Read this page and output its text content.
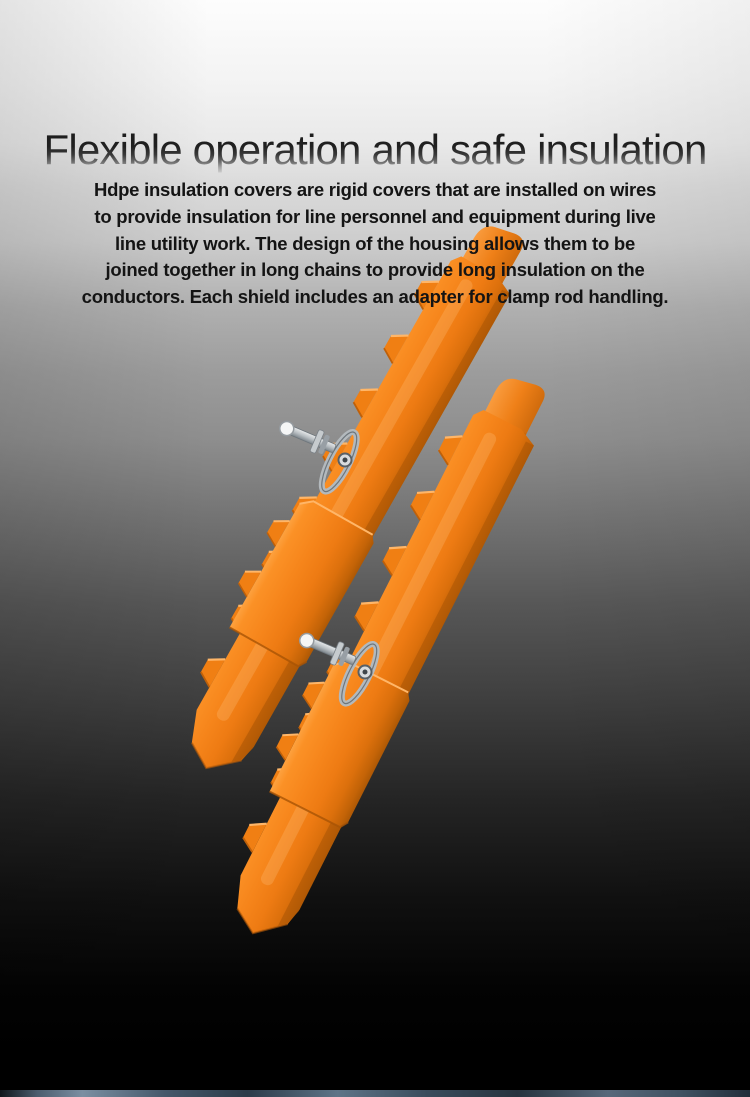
Flexible operation and safe insulation
Hdpe insulation covers are rigid covers that are installed on wires
to provide insulation for line personnel and equipment during live
line utility work. The design of the housing allows them to be
joined together in long chains to provide long insulation on the
conductors. Each shield includes an adapter for clamp rod handling.
